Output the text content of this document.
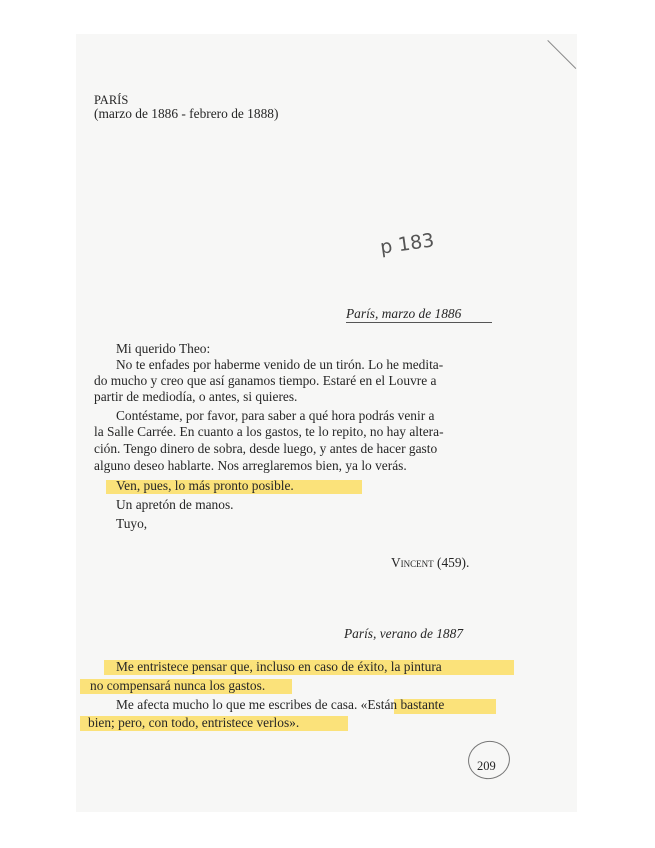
PARÍS
(marzo de 1886 - febrero de 1888)
p 183
París, marzo de 1886
Mi querido Theo:
No te enfades por haberme venido de un tirón. Lo he medita-
do mucho y creo que así ganamos tiempo. Estaré en el Louvre a
partir de mediodía, o antes, si quieres.
Contéstame, por favor, para saber a qué hora podrás venir a
la Salle Carrée. En cuanto a los gastos, te lo repito, no hay altera-
ción. Tengo dinero de sobra, desde luego, y antes de hacer gasto
alguno deseo hablarte. Nos arreglaremos bien, ya lo verás.
Ven, pues, lo más pronto posible.
Un apretón de manos.
Tuyo,
Vincent (459).
París, verano de 1887
Me entristece pensar que, incluso en caso de éxito, la pintura
no compensará nunca los gastos.
Me afecta mucho lo que me escribes de casa. «Están bastante
bien; pero, con todo, entristece verlos».
209
